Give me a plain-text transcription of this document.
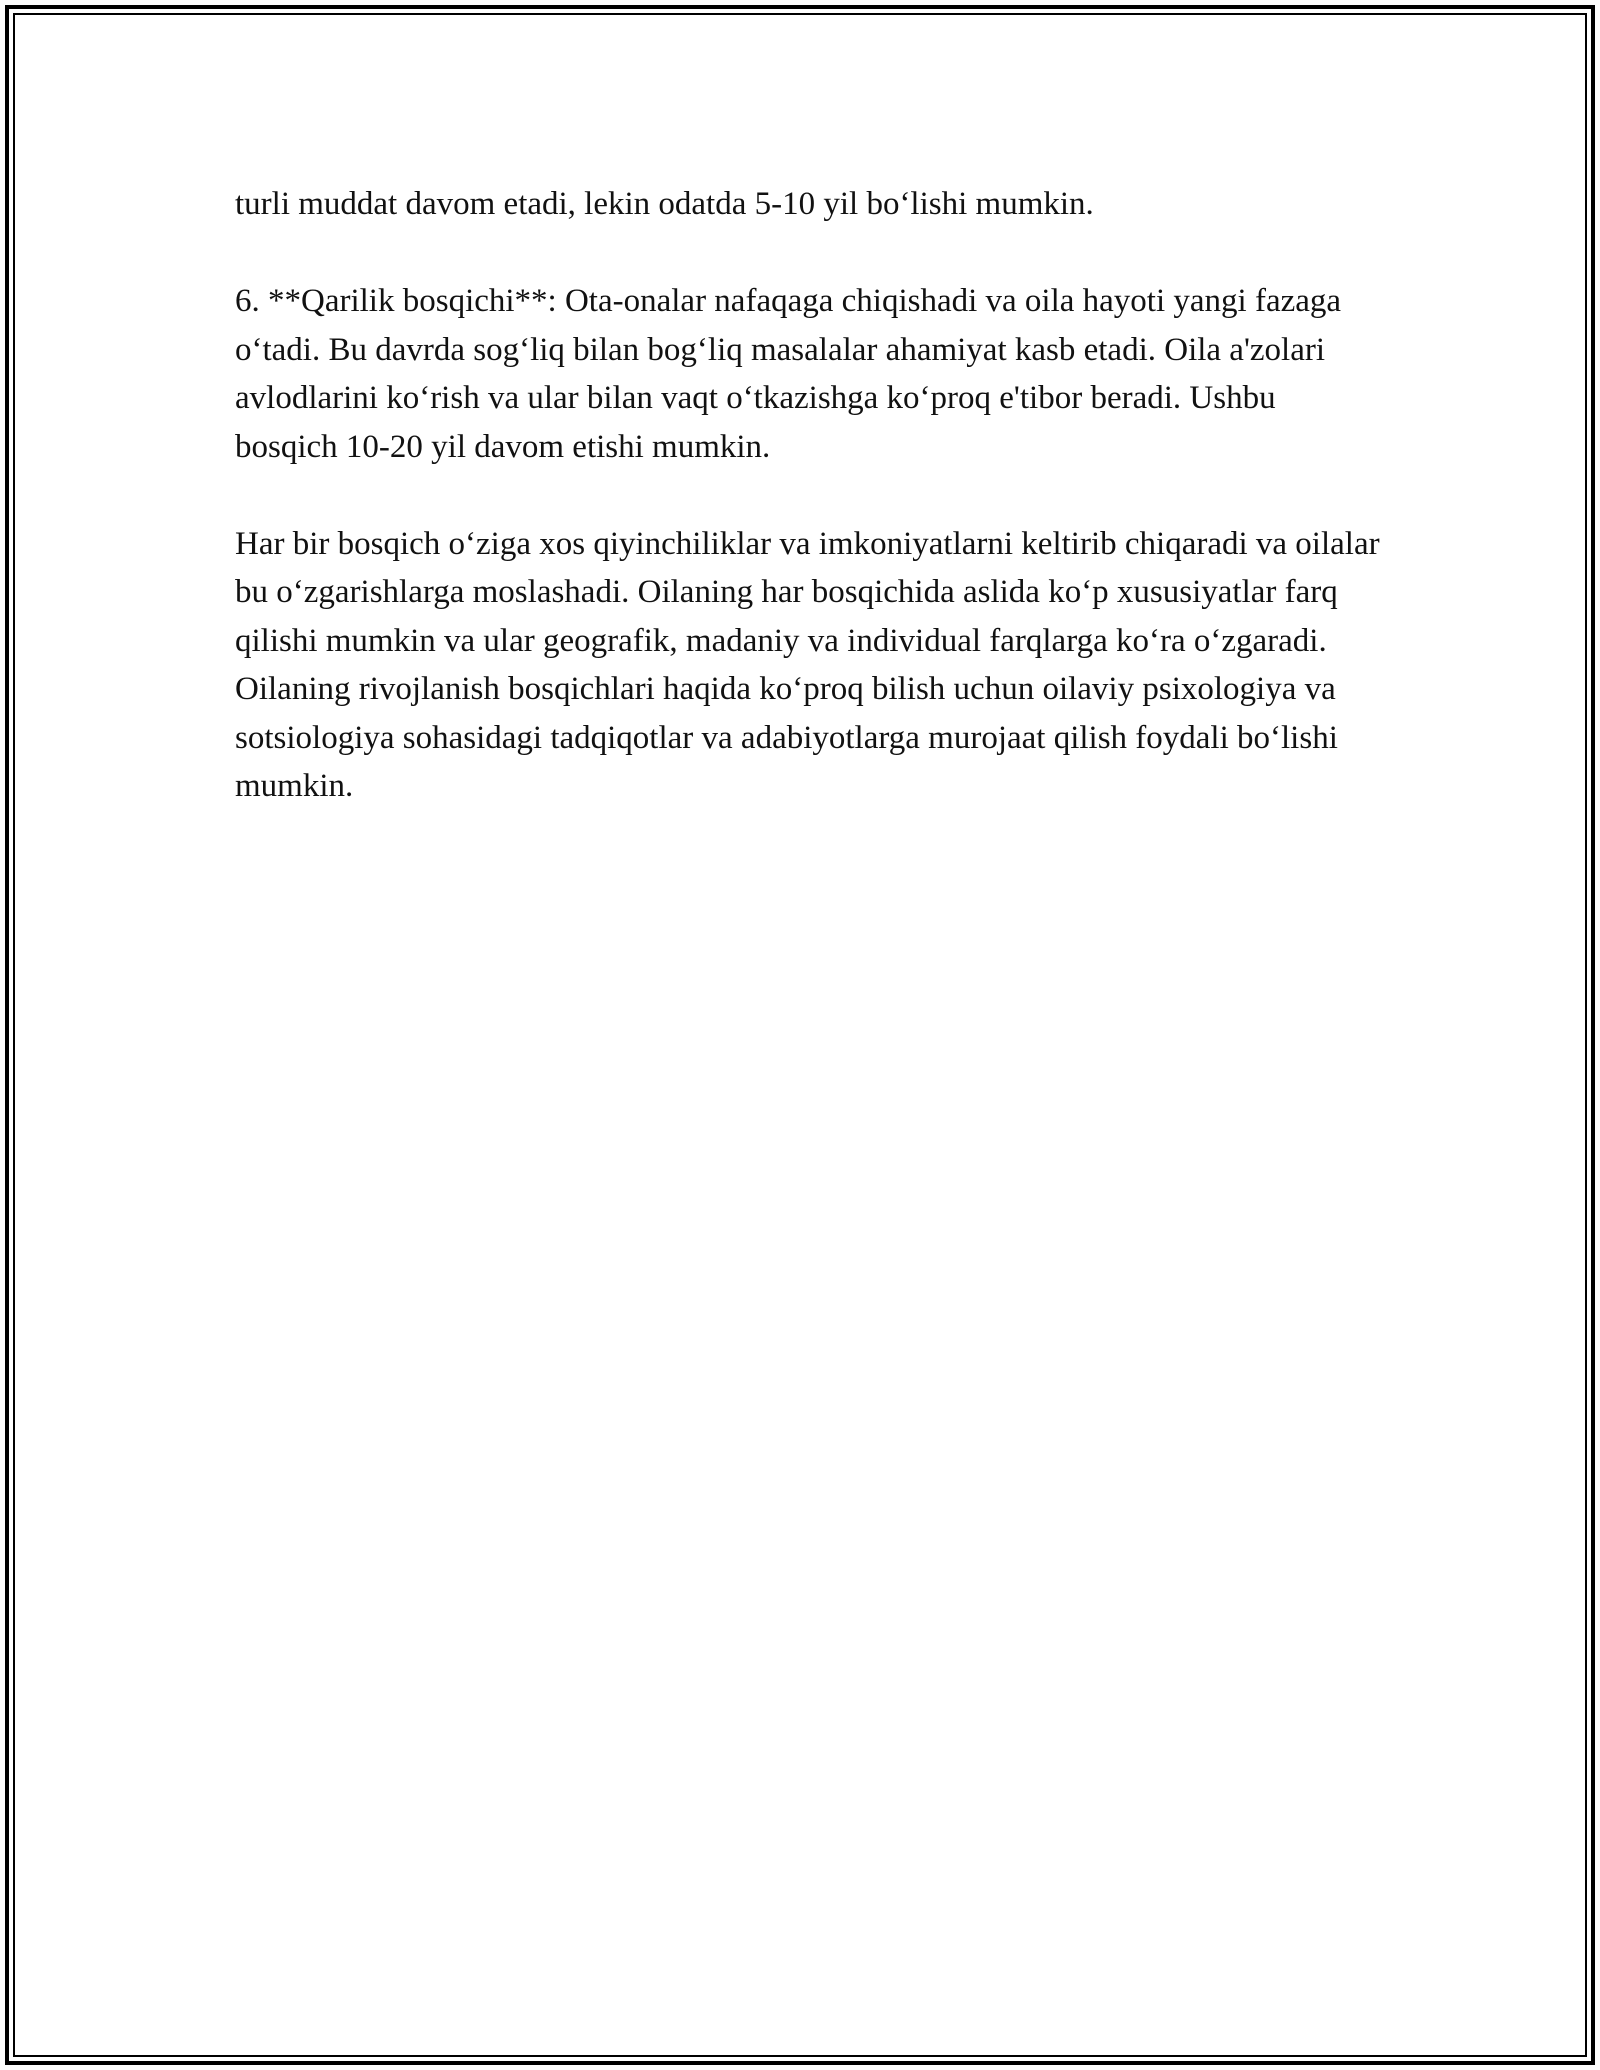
turli muddat davom etadi, lekin odatda 5-10 yil bo‘lishi mumkin.

6. **Qarilik bosqichi**: Ota-onalar nafaqaga chiqishadi va oila hayoti yangi fazaga o‘tadi. Bu davrda sog‘liq bilan bog‘liq masalalar ahamiyat kasb etadi. Oila a'zolari avlodlarini ko‘rish va ular bilan vaqt o‘tkazishga ko‘proq e'tibor beradi. Ushbu bosqich 10-20 yil davom etishi mumkin.

Har bir bosqich o‘ziga xos qiyinchiliklar va imkoniyatlarni keltirib chiqaradi va oilalar bu o‘zgarishlarga moslashadi. Oilaning har bosqichida aslida ko‘p xususiyatlar farq qilishi mumkin va ular geografik, madaniy va individual farqlarga ko‘ra o‘zgaradi. Oilaning rivojlanish bosqichlari haqida ko‘proq bilish uchun oilaviy psixologiya va sotsiologiya sohasidagi tadqiqotlar va adabiyotlarga murojaat qilish foydali bo‘lishi mumkin.
